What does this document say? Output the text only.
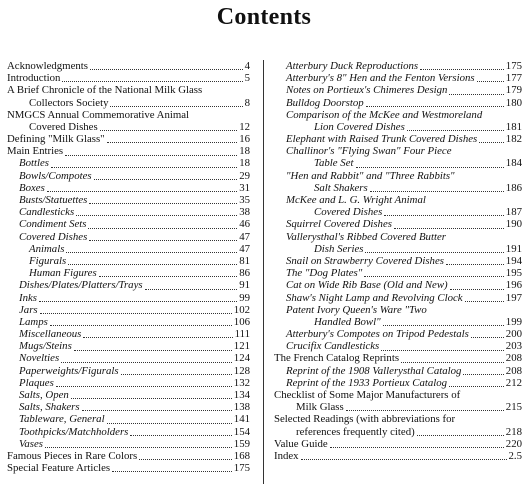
Contents
Acknowledgments	4
Introduction	5
A Brief Chronicle of the National Milk Glass
Collectors Society	8
NMGCS Annual Commemorative Animal
Covered Dishes	12
Defining "Milk Glass"	16
Main Entries	18
Bottles	18
Bowls/Compotes	29
Boxes	31
Busts/Statuettes	35
Candlesticks	38
Condiment Sets	46
Covered Dishes	47
Animals	47
Figurals	81
Human Figures	86
Dishes/Plates/Platters/Trays	91
Inks	99
Jars	102
Lamps	106
Miscellaneous	111
Mugs/Steins	121
Novelties	124
Paperweights/Figurals	128
Plaques	132
Salts, Open	134
Salts, Shakers	138
Tableware, General	141
Toothpicks/Matchholders	154
Vases	159
Famous Pieces in Rare Colors	168
Special Feature Articles	175
Atterbury Duck Reproductions	175
Atterbury's 8" Hen and the Fenton Versions	177
Notes on Portieux's Chimeres Design	179
Bulldog Doorstop	180
Comparison of the McKee and Westmoreland
Lion Covered Dishes	181
Elephant with Raised Trunk Covered Dishes	182
Challinor's "Flying Swan" Four Piece
Table Set	184
"Hen and Rabbit" and "Three Rabbits"
Salt Shakers	186
McKee and L. G. Wright Animal
Covered Dishes	187
Squirrel Covered Dishes	190
Vallerysthal's Ribbed Covered Butter
Dish Series	191
Snail on Strawberry Covered Dishes	194
The "Dog Plates"	195
Cat on Wide Rib Base (Old and New)	196
Shaw's Night Lamp and Revolving Clock	197
Patent Ivory Queen's Ware "Two
Handled Bowl"	199
Atterbury's Compotes on Tripod Pedestals	200
Crucifix Candlesticks	203
The French Catalog Reprints	208
Reprint of the 1908 Vallerysthal Catalog	208
Reprint of the 1933 Portieux Catalog	212
Checklist of Some Major Manufacturers of
Milk Glass	215
Selected Readings (with abbreviations for
references frequently cited)	218
Value Guide	220
Index	2.5
